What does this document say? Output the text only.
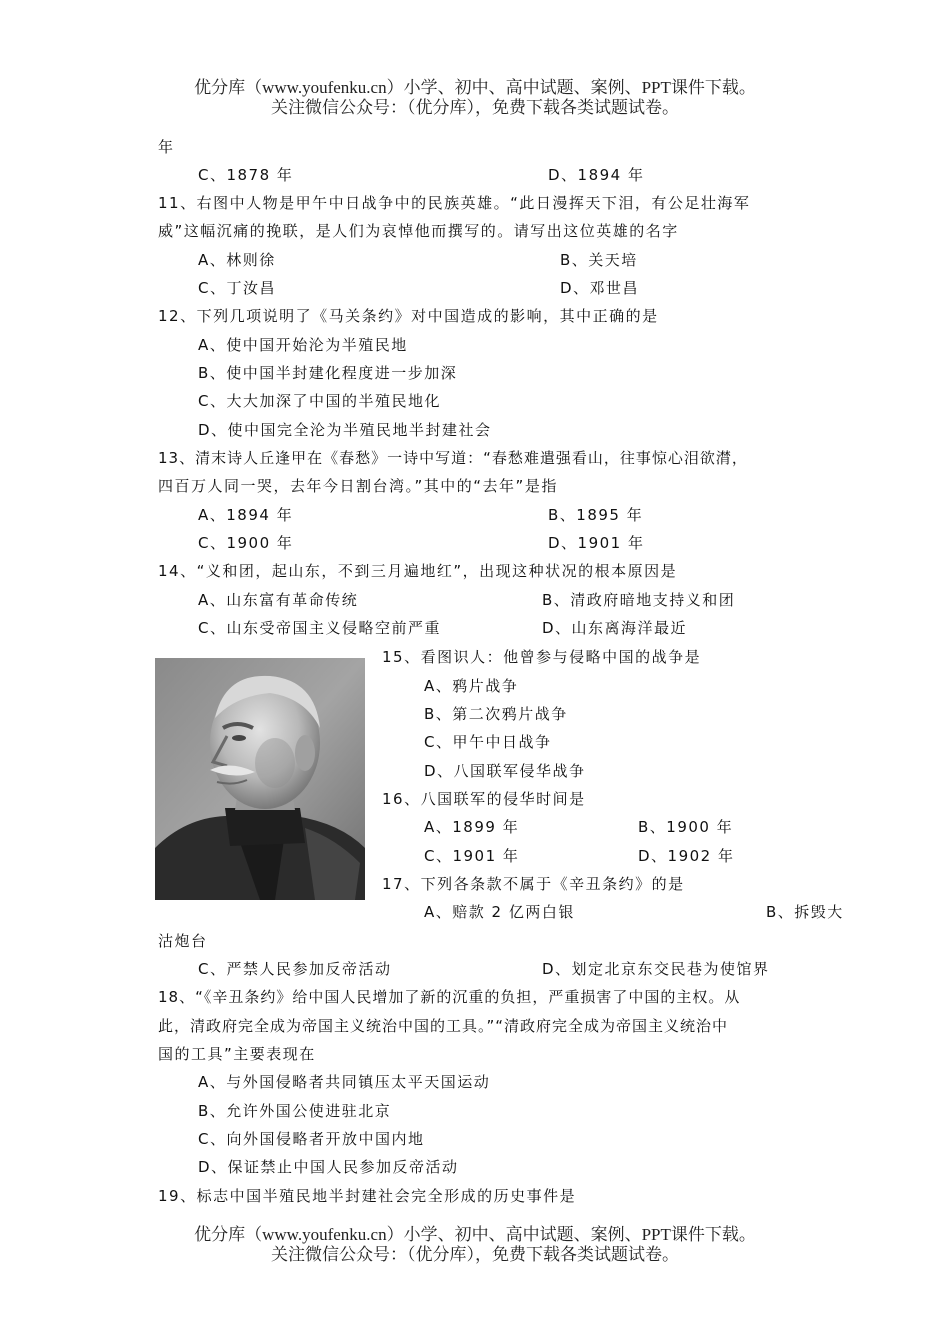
优分库（www.youfenku.cn）小学、初中、高中试题、案例、PPT课件下载。
关注微信公众号：（优分库），免费下载各类试题试卷。
年
C、1878 年	D、1894 年
11、右图中人物是甲午中日战争中的民族英雄。“此日漫挥天下泪，有公足壮海军
威”这幅沉痛的挽联，是人们为哀悼他而撰写的。请写出这位英雄的名字
A、林则徐	B、关天培
C、丁汝昌	D、邓世昌
12、下列几项说明了《马关条约》对中国造成的影响，其中正确的是
A、使中国开始沦为半殖民地
B、使中国半封建化程度进一步加深
C、大大加深了中国的半殖民地化
D、使中国完全沦为半殖民地半封建社会
13、清末诗人丘逢甲在《春愁》一诗中写道：“春愁难遣强看山，往事惊心泪欲潸，
四百万人同一哭，去年今日割台湾。”其中的“去年”是指
A、1894 年	B、1895 年
C、1900 年	D、1901 年
14、“义和团，起山东，不到三月遍地红”，出现这种状况的根本原因是
A、山东富有革命传统	B、清政府暗地支持义和团
C、山东受帝国主义侵略空前严重	D、山东离海洋最近
15、看图识人：他曾参与侵略中国的战争是
A、鸦片战争
B、第二次鸦片战争
C、甲午中日战争
D、八国联军侵华战争
16、八国联军的侵华时间是
A、1899 年	B、1900 年
C、1901 年	D、1902 年
17、下列各条款不属于《辛丑条约》的是
A、赔款 2 亿两白银	B、拆毁大
沽炮台
C、严禁人民参加反帝活动	D、划定北京东交民巷为使馆界
18、“《辛丑条约》给中国人民增加了新的沉重的负担，严重损害了中国的主权。从
此，清政府完全成为帝国主义统治中国的工具。”“清政府完全成为帝国主义统治中
国的工具”主要表现在
A、与外国侵略者共同镇压太平天国运动
B、允许外国公使进驻北京
C、向外国侵略者开放中国内地
D、保证禁止中国人民参加反帝活动
19、标志中国半殖民地半封建社会完全形成的历史事件是
优分库（www.youfenku.cn）小学、初中、高中试题、案例、PPT课件下载。
关注微信公众号：（优分库），免费下载各类试题试卷。
